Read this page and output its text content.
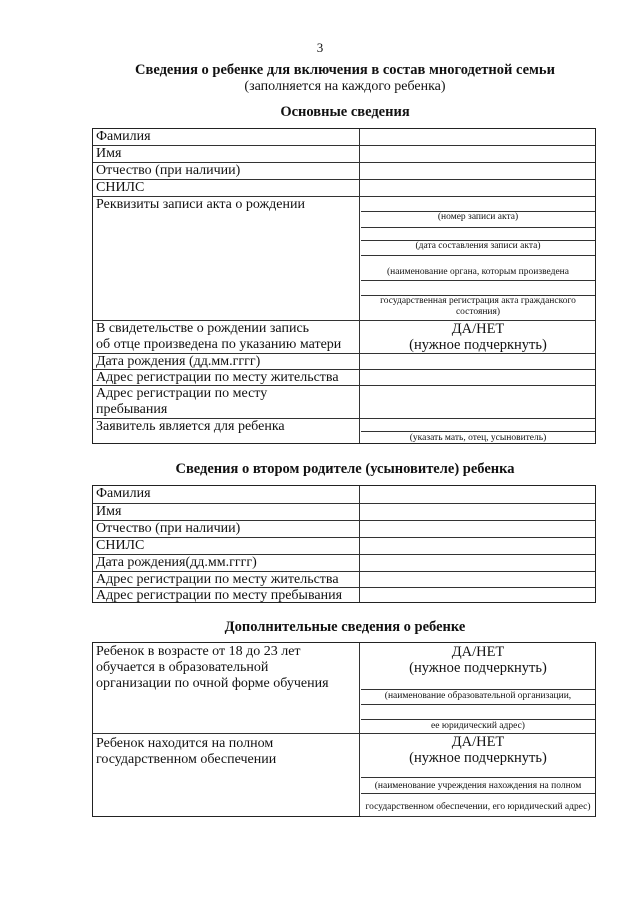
3
Сведения о ребенке для включения в состав многодетной семьи
(заполняется на каждого ребенка)
Основные сведения
Фамилия
Имя
Отчество (при наличии)
СНИЛС
Реквизиты записи акта о рождении
(номер записи акта)
(дата составления записи акта)
(наименование органа, которым произведена
государственная регистрация акта гражданского
состояния)
В свидетельстве о рождении запись
об отце произведена по указанию матери
ДА/НЕТ
(нужное подчеркнуть)
Дата рождения (дд.мм.гггг)
Адрес регистрации по месту жительства
Адрес регистрации по месту пребывания
Заявитель является для ребенка
(указать мать, отец, усыновитель)
Сведения о втором родителе (усыновителе) ребенка
Фамилия
Имя
Отчество (при наличии)
СНИЛС
Дата рождения(дд.мм.гггг)
Адрес регистрации по месту жительства
Адрес регистрации по месту пребывания
Дополнительные сведения о ребенке
Ребенок в возрасте от 18 до 23 лет
обучается в образовательной
организации по очной форме обучения
ДА/НЕТ
(нужное подчеркнуть)
(наименование образовательной организации,
ее юридический адрес)
Ребенок находится на полном
государственном обеспечении
ДА/НЕТ
(нужное подчеркнуть)
(наименование учреждения нахождения на полном
государственном обеспечении, его юридический адрес)
